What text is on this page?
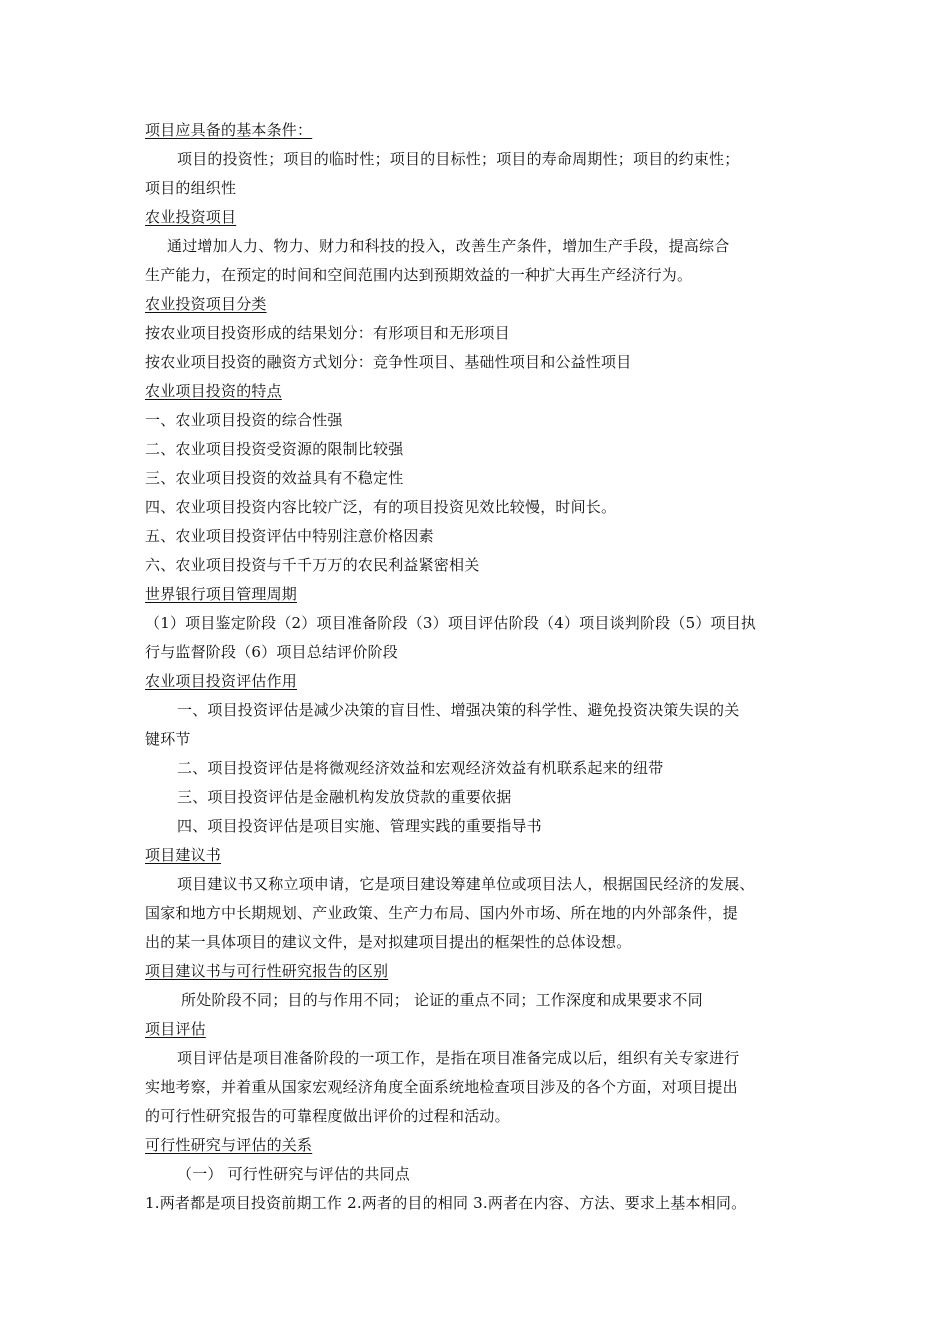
项目应具备的基本条件：
项目的投资性；项目的临时性；项目的目标性；项目的寿命周期性；项目的约束性；
项目的组织性
农业投资项目
通过增加人力、物力、财力和科技的投入，改善生产条件，增加生产手段，提高综合
生产能力，在预定的时间和空间范围内达到预期效益的一种扩大再生产经济行为。
农业投资项目分类
按农业项目投资形成的结果划分：有形项目和无形项目
按农业项目投资的融资方式划分：竞争性项目、基础性项目和公益性项目
农业项目投资的特点
一、农业项目投资的综合性强
二、农业项目投资受资源的限制比较强
三、农业项目投资的效益具有不稳定性
四、农业项目投资内容比较广泛，有的项目投资见效比较慢，时间长。
五、农业项目投资评估中特别注意价格因素
六、农业项目投资与千千万万的农民利益紧密相关
世界银行项目管理周期
（1）项目鉴定阶段（2）项目准备阶段（3）项目评估阶段（4）项目谈判阶段（5）项目执
行与监督阶段（6）项目总结评价阶段
农业项目投资评估作用
一、项目投资评估是减少决策的盲目性、增强决策的科学性、避免投资决策失误的关
键环节
二、项目投资评估是将微观经济效益和宏观经济效益有机联系起来的纽带
三、项目投资评估是金融机构发放贷款的重要依据
四、项目投资评估是项目实施、管理实践的重要指导书
项目建议书
项目建议书又称立项申请，它是项目建设筹建单位或项目法人，根据国民经济的发展、
国家和地方中长期规划、产业政策、生产力布局、国内外市场、所在地的内外部条件，提
出的某一具体项目的建议文件，是对拟建项目提出的框架性的总体设想。
项目建议书与可行性研究报告的区别
所处阶段不同；目的与作用不同； 论证的重点不同；工作深度和成果要求不同
项目评估
项目评估是项目准备阶段的一项工作，是指在项目准备完成以后，组织有关专家进行
实地考察，并着重从国家宏观经济角度全面系统地检查项目涉及的各个方面，对项目提出
的可行性研究报告的可靠程度做出评价的过程和活动。
可行性研究与评估的关系
（一） 可行性研究与评估的共同点
1.两者都是项目投资前期工作 2.两者的目的相同 3.两者在内容、方法、要求上基本相同。
